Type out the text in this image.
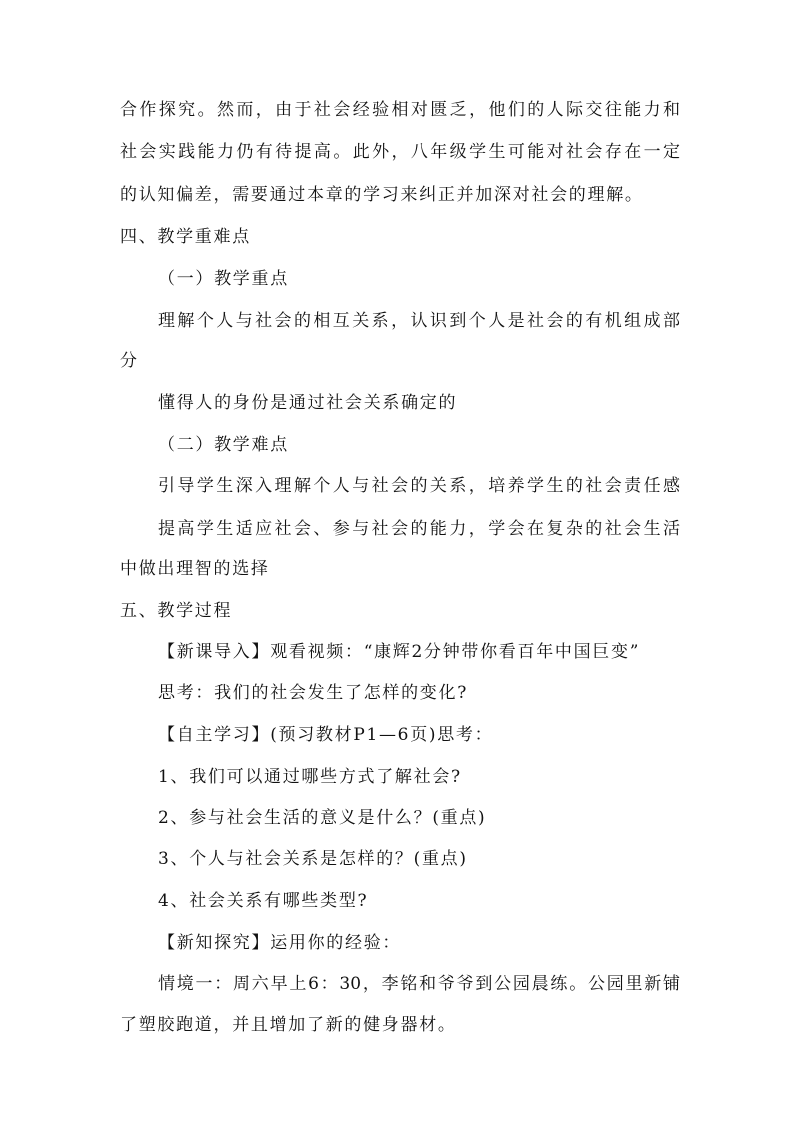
合作探究。然而，由于社会经验相对匮乏，他们的人际交往能力和
社会实践能力仍有待提高。此外，八年级学生可能对社会存在一定
的认知偏差，需要通过本章的学习来纠正并加深对社会的理解。
四、教学重难点
（一）教学重点
理解个人与社会的相互关系，认识到个人是社会的有机组成部
分
懂得人的身份是通过社会关系确定的
（二）教学难点
引导学生深入理解个人与社会的关系，培养学生的社会责任感
提高学生适应社会、参与社会的能力，学会在复杂的社会生活
中做出理智的选择
五、教学过程
【新课导入】观看视频：“康辉2分钟带你看百年中国巨变”
思考：我们的社会发生了怎样的变化?
【自主学习】(预习教材P1—6页)思考：
1、我们可以通过哪些方式了解社会?
2、参与社会生活的意义是什么？(重点)
3、个人与社会关系是怎样的？(重点)
4、社会关系有哪些类型?
【新知探究】运用你的经验：
情境一：周六早上6：30，李铭和爷爷到公园晨练。公园里新铺
了塑胶跑道，并且增加了新的健身器材。
